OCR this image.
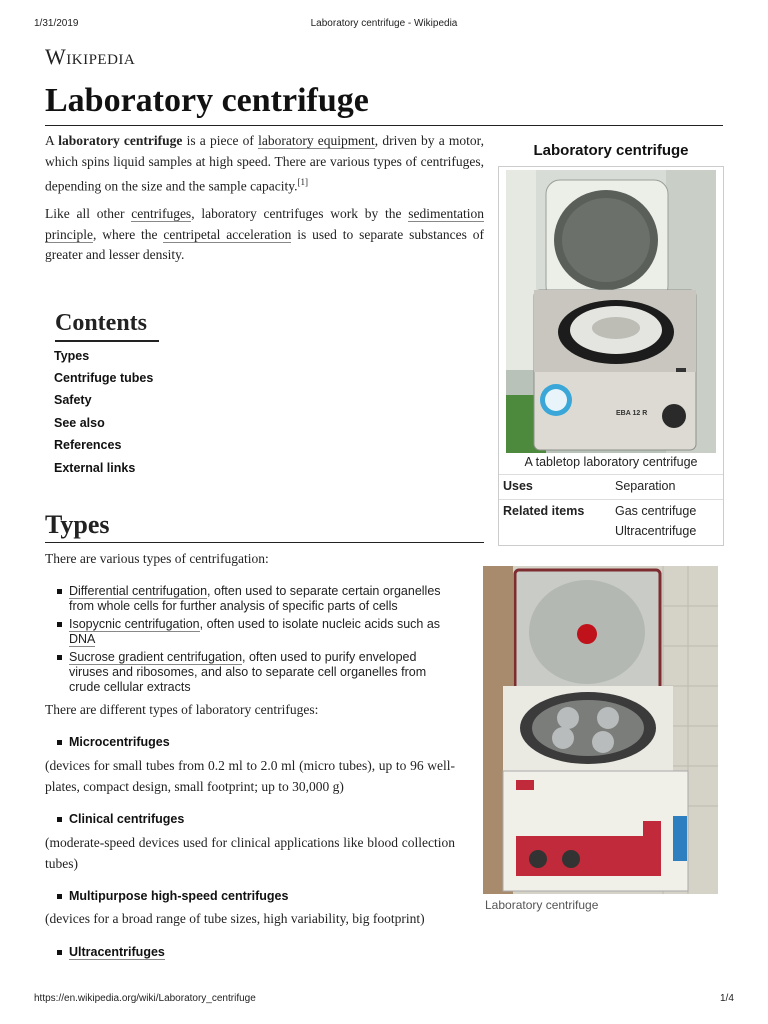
1/31/2019	Laboratory centrifuge - Wikipedia
Wikipedia
Laboratory centrifuge

A laboratory centrifuge is a piece of laboratory equipment, driven by a motor, which spins liquid samples at high speed. There are various types of centrifuges, depending on the size and the sample capacity.[1]

Like all other centrifuges, laboratory centrifuges work by the sedimentation principle, where the centripetal acceleration is used to separate substances of greater and lesser density.

Contents
Types
Centrifuge tubes
Safety
See also
References
External links
Types
There are various types of centrifugation:
Differential centrifugation, often used to separate certain organelles from whole cells for further analysis of specific parts of cells
Isopycnic centrifugation, often used to isolate nucleic acids such as DNA
Sucrose gradient centrifugation, often used to purify enveloped viruses and ribosomes, and also to separate cell organelles from crude cellular extracts
There are different types of laboratory centrifuges:
Microcentrifuges
(devices for small tubes from 0.2 ml to 2.0 ml (micro tubes), up to 96 well-plates, compact design, small footprint; up to 30,000 g)
Clinical centrifuges
(moderate-speed devices used for clinical applications like blood collection tubes)
Multipurpose high-speed centrifuges
(devices for a broad range of tube sizes, high variability, big footprint)
Ultracentrifuges
Laboratory centrifuge
EBA 12 R
A tabletop laboratory centrifuge
Uses	Separation
Related items Gas centrifuge
Ultracentrifuge
Laboratory centrifuge
https://en.wikipedia.org/wiki/Laboratory_centrifuge	1/4
